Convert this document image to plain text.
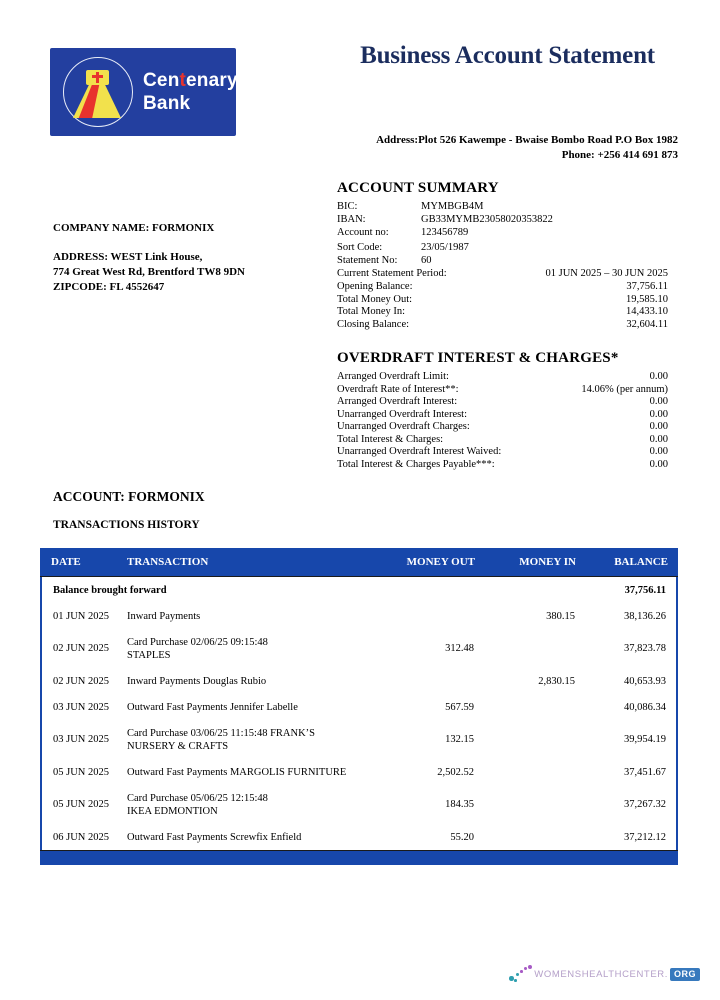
Centenary
Bank
Business Account Statement
Address:Plot 526 Kawempe - Bwaise Bombo Road P.O Box 1982
Phone: +256 414 691 873
COMPANY NAME: FORMONIX
ADDRESS: WEST Link House,
774 Great West Rd, Brentford TW8 9DN
ZIPCODE: FL 4552647
ACCOUNT SUMMARY
BIC:	MYMBGB4M
IBAN:	GB33MYMB23058020353822
Account no:	123456789
Sort Code:	23/05/1987
Statement No:	60
Current Statement Period:	01 JUN 2025 – 30 JUN 2025
Opening Balance:	37,756.11
Total Money Out:	19,585.10
Total Money In:	14,433.10
Closing Balance:	32,604.11
OVERDRAFT INTEREST & CHARGES*
Arranged Overdraft Limit:	0.00
Overdraft Rate of Interest**:	14.06% (per annum)
Arranged Overdraft Interest:	0.00
Unarranged Overdraft Interest:	0.00
Unarranged Overdraft Charges:	0.00
Total Interest & Charges:	0.00
Unarranged Overdraft Interest Waived:	0.00
Total Interest & Charges Payable***:	0.00
ACCOUNT: FORMONIX
TRANSACTIONS HISTORY
DATE	TRANSACTION	MONEY OUT	MONEY IN	BALANCE
Balance brought forward				37,756.11
01 JUN 2025	Inward Payments		380.15	38,136.26
02 JUN 2025	Card Purchase 02/06/25 09:15:48
STAPLES	312.48		37,823.78
02 JUN 2025	Inward Payments Douglas Rubio		2,830.15	40,653.93
03 JUN 2025	Outward Fast Payments Jennifer Labelle	567.59		40,086.34
03 JUN 2025	Card Purchase 03/06/25 11:15:48 FRANK’S
NURSERY & CRAFTS	132.15		39,954.19
05 JUN 2025	Outward Fast Payments MARGOLIS FURNITURE	2,502.52		37,451.67
05 JUN 2025	Card Purchase 05/06/25 12:15:48
IKEA EDMONTION	184.35		37,267.32
06 JUN 2025	Outward Fast Payments Screwfix Enfield	55.20		37,212.12
WOMENSHEALTHCENTER. ORG
